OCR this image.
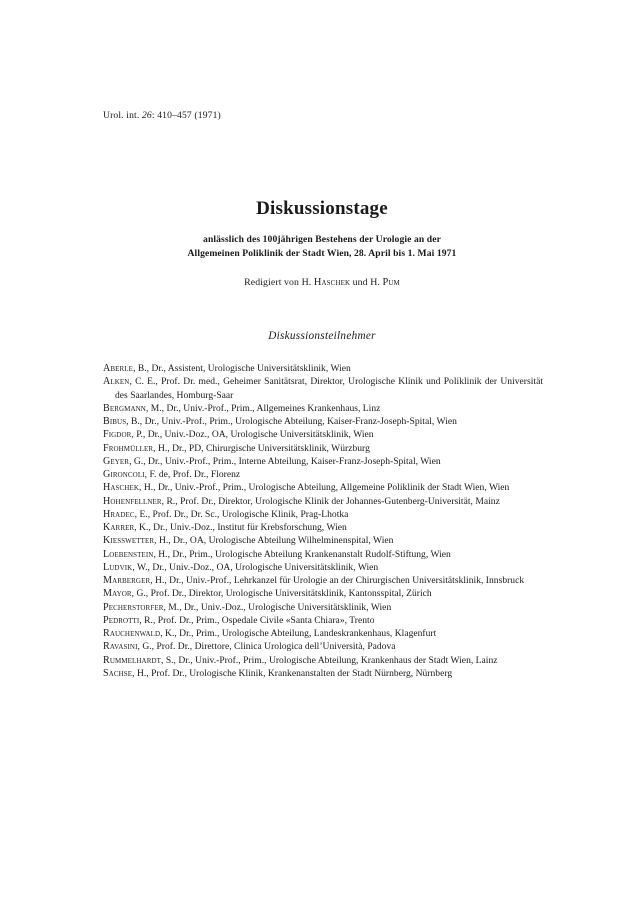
Urol. int. 26: 410–457 (1971)
Diskussionstage
anlässlich des 100jährigen Bestehens der Urologie an der
Allgemeinen Poliklinik der Stadt Wien, 28. April bis 1. Mai 1971
Redigiert von H. Haschek und H. Pum
Diskussionsteilnehmer

Aberle, B., Dr., Assistent, Urologische Universitätsklinik, Wien

Alken, C. E., Prof. Dr. med., Geheimer Sanitätsrat, Direktor, Urologische Klinik und Poliklinik der Universität des Saarlandes, Homburg-Saar

Bergmann, M., Dr., Univ.-Prof., Prim., Allgemeines Krankenhaus, Linz

Bibus, B., Dr., Univ.-Prof., Prim., Urologische Abteilung, Kaiser-Franz-Joseph-Spital, Wien

Figdor, P., Dr., Univ.-Doz., OA, Urologische Universitätsklinik, Wien

Frohmüller, H., Dr., PD, Chirurgische Universitätsklinik, Würzburg

Geyer, G., Dr., Univ.-Prof., Prim., Interne Abteilung, Kaiser-Franz-Joseph-Spital, Wien

Gironcoli, F. de, Prof. Dr., Florenz

Haschek, H., Dr., Univ.-Prof., Prim., Urologische Abteilung, Allgemeine Poliklinik der Stadt Wien, Wien

Hohenfellner, R., Prof. Dr., Direktor, Urologische Klinik der Johannes-Gutenberg-Universität, Mainz

Hradec, E., Prof. Dr., Dr. Sc., Urologische Klinik, Prag-Lhotka

Karrer, K., Dr., Univ.-Doz., Institut für Krebsforschung, Wien

Kiesswetter, H., Dr., OA, Urologische Abteilung Wilhelminenspital, Wien

Loebenstein, H., Dr., Prim., Urologische Abteilung Krankenanstalt Rudolf-Stiftung, Wien

Ludvik, W., Dr., Univ.-Doz., OA, Urologische Universitätsklinik, Wien

Marberger, H., Dr., Univ.-Prof., Lehrkanzel für Urologie an der Chirurgischen Universitätsklinik, Innsbruck

Mayor, G., Prof. Dr., Direktor, Urologische Universitätsklinik, Kantonsspital, Zürich

Pecherstorfer, M., Dr., Univ.-Doz., Urologische Universitätsklinik, Wien

Pedrotti, R., Prof. Dr., Prim., Ospedale Civile «Santa Chiara», Trento

Rauchenwald, K., Dr., Prim., Urologische Abteilung, Landeskrankenhaus, Klagenfurt

Ravasini, G., Prof. Dr., Direttore, Clinica Urologica dell’Università, Padova

Rummelhardt, S., Dr., Univ.-Prof., Prim., Urologische Abteilung, Krankenhaus der Stadt Wien, Lainz

Sachse, H., Prof. Dr., Urologische Klinik, Krankenanstalten der Stadt Nürnberg, Nürnberg
